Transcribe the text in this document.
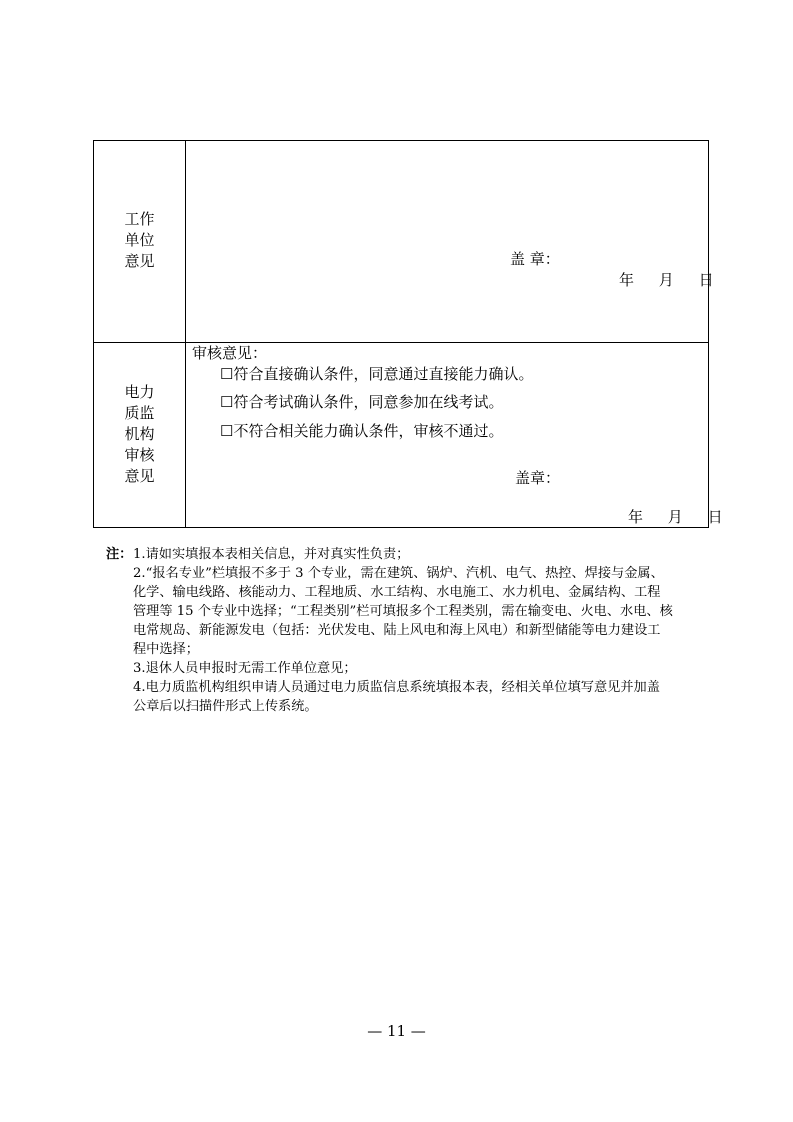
工作
单位
意见	盖 章：
年 月 日
电力
质监
机构
审核
意见
审核意见：
☐符合直接确认条件，同意通过直接能力确认。
☐符合考试确认条件，同意参加在线考试。
☐不符合相关能力确认条件，审核不通过。
盖章：
年 月 日
注： 1.请如实填报本表相关信息，并对真实性负责；
2.“报名专业”栏填报不多于 3 个专业，需在建筑、锅炉、汽机、电气、热控、焊接与金属、
化学、输电线路、核能动力、工程地质、水工结构、水电施工、水力机电、金属结构、工程
管理等 15 个专业中选择；“工程类别”栏可填报多个工程类别，需在输变电、火电、水电、核
电常规岛、新能源发电（包括：光伏发电、陆上风电和海上风电）和新型储能等电力建设工
程中选择；
3.退休人员申报时无需工作单位意见；
4.电力质监机构组织申请人员通过电力质监信息系统填报本表，经相关单位填写意见并加盖
公章后以扫描件形式上传系统。
— 11 —
